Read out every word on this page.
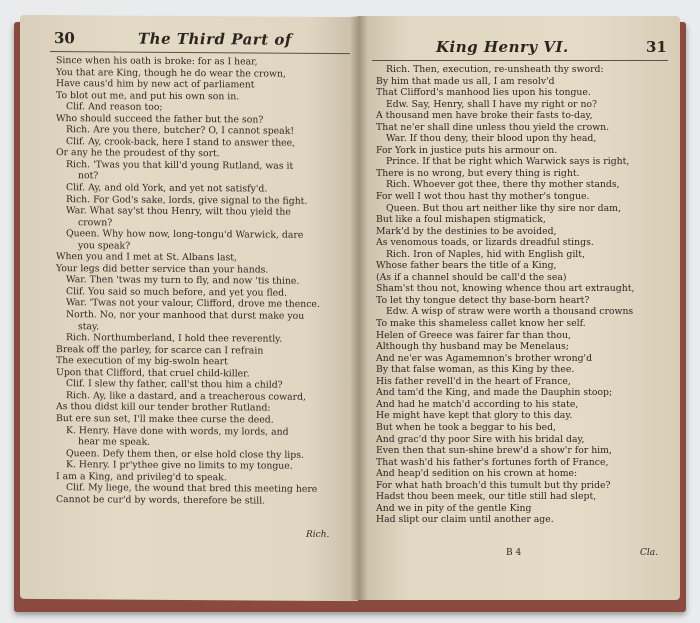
30	The Third Part of
Since when his oath is broke: for as I hear,
You that are King, though he do wear the crown,
Have caus'd him by new act of parliament
To blot out me, and put his own son in.
Clif. And reason too;
Who should succeed the father but the son?
Rich. Are you there, butcher? O, I cannot speak!
Clif. Ay, crook-back, here I stand to answer thee,
Or any he the proudest of thy sort.
Rich. 'Twas you that kill'd young Rutland, was it
not?
Clif. Ay, and old York, and yet not satisfy'd.
Rich. For God's sake, lords, give signal to the fight.
War. What say'st thou Henry, wilt thou yield the
crown?
Queen. Why how now, long-tongu'd Warwick, dare
you speak?
When you and I met at St. Albans last,
Your legs did better service than your hands.
War. Then 'twas my turn to fly, and now 'tis thine.
Clif. You said so much before, and yet you fled.
War. 'Twas not your valour, Clifford, drove me thence.
North. No, nor your manhood that durst make you
stay.
Rich. Northumberland, I hold thee reverently.
Break off the parley, for scarce can I refrain
The execution of my big-swoln heart
Upon that Clifford, that cruel child-killer.
Clif. I slew thy father, call'st thou him a child?
Rich. Ay, like a dastard, and a treacherous coward,
As thou didst kill our tender brother Rutland:
But ere sun set, I'll make thee curse the deed.
K. Henry. Have done with words, my lords, and
hear me speak.
Queen. Defy them then, or else hold close thy lips.
K. Henry. I pr'ythee give no limits to my tongue.
I am a King, and privileg'd to speak.
Clif. My liege, the wound that bred this meeting here
Cannot be cur'd by words, therefore be still.
Rich.
King Henry VI.	31
Rich. Then, execution, re-unsheath thy sword:
By him that made us all, I am resolv'd
That Clifford's manhood lies upon his tongue.
Edw. Say, Henry, shall I have my right or no?
A thousand men have broke their fasts to-day,
That ne'er shall dine unless thou yield the crown.
War. If thou deny, their blood upon thy head,
For York in justice puts his armour on.
Prince. If that be right which Warwick says is right,
There is no wrong, but every thing is right.
Rich. Whoever got thee, there thy mother stands,
For well I wot thou hast thy mother's tongue.
Queen. But thou art neither like thy sire nor dam,
But like a foul mishapen stigmatick,
Mark'd by the destinies to be avoided,
As venomous toads, or lizards dreadful stings.
Rich. Iron of Naples, hid with English gilt,
Whose father bears the title of a King,
(As if a channel should be call'd the sea)
Sham'st thou not, knowing whence thou art extraught,
To let thy tongue detect thy base-born heart?
Edw. A wisp of straw were worth a thousand crowns
To make this shameless callet know her self.
Helen of Greece was fairer far than thou,
Although thy husband may be Menelaus;
And ne'er was Agamemnon's brother wrong'd
By that false woman, as this King by thee.
His father revell'd in the heart of France,
And tam'd the King, and made the Dauphin stoop;
And had he match'd according to his state,
He might have kept that glory to this day.
But when he took a beggar to his bed,
And grac'd thy poor Sire with his bridal day,
Even then that sun-shine brew'd a show'r for him,
That wash'd his father's fortunes forth of France,
And heap'd sedition on his crown at home:
For what hath broach'd this tumult but thy pride?
Hadst thou been meek, our title still had slept,
And we in pity of the gentle King
Had slipt our claim until another age.
B 4	Cla.
